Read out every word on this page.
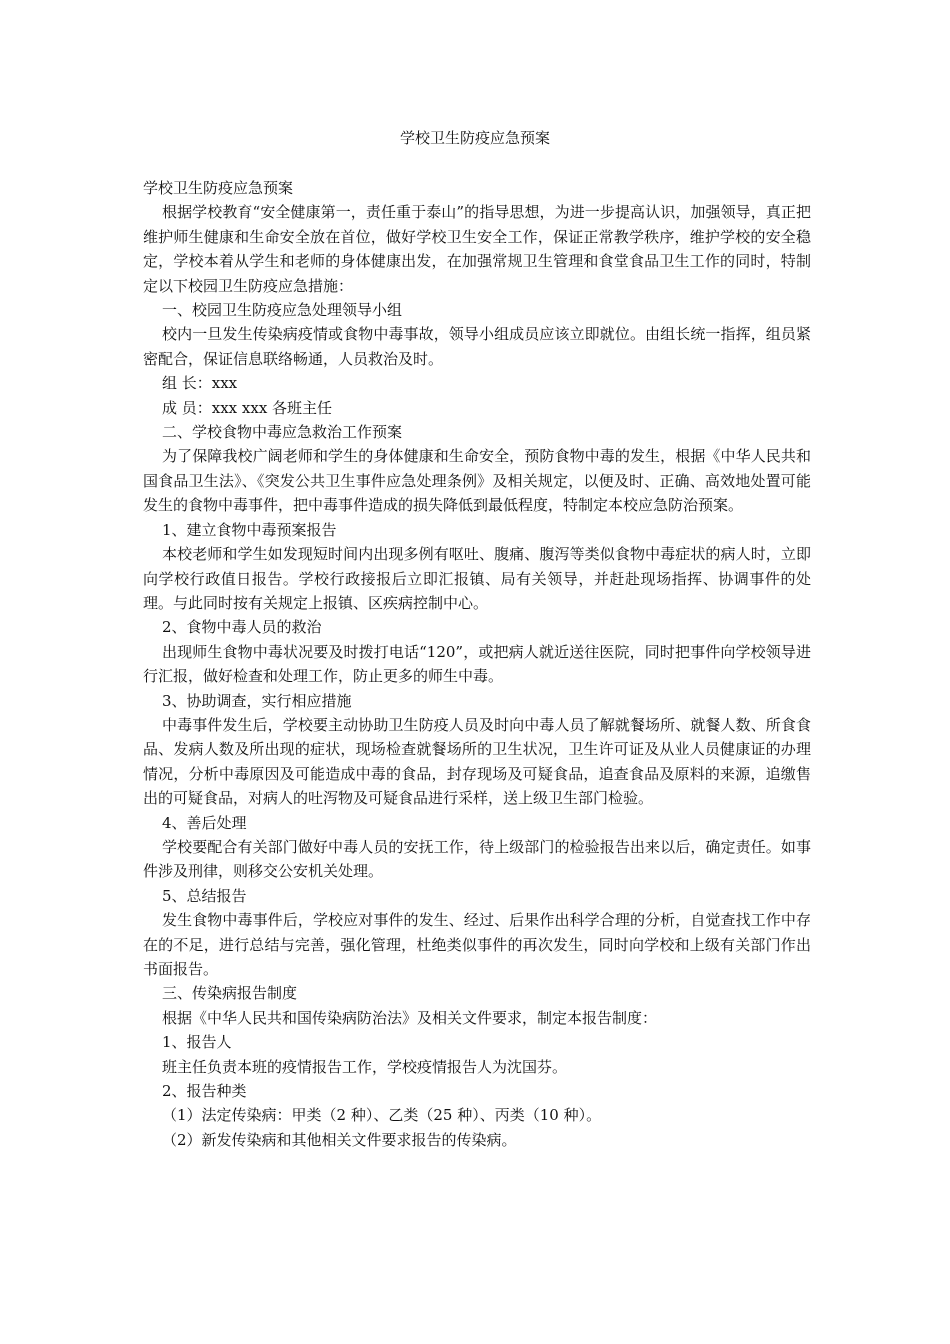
学校卫生防疫应急预案

学校卫生防疫应急预案

根据学校教育“安全健康第一，责任重于泰山”的指导思想，为进一步提高认识，加强领导，真正把维护师生健康和生命安全放在首位，做好学校卫生安全工作，保证正常教学秩序，维护学校的安全稳定，学校本着从学生和老师的身体健康出发，在加强常规卫生管理和食堂食品卫生工作的同时，特制定以下校园卫生防疫应急措施：

一、校园卫生防疫应急处理领导小组

校内一旦发生传染病疫情或食物中毒事故，领导小组成员应该立即就位。由组长统一指挥，组员紧密配合，保证信息联络畅通，人员救治及时。

组 长：xxx

成 员：xxx xxx 各班主任

二、学校食物中毒应急救治工作预案

为了保障我校广阔老师和学生的身体健康和生命安全，预防食物中毒的发生，根据《中华人民共和国食品卫生法》、《突发公共卫生事件应急处理条例》及相关规定，以便及时、正确、高效地处置可能发生的食物中毒事件，把中毒事件造成的损失降低到最低程度，特制定本校应急防治预案。

1、建立食物中毒预案报告

本校老师和学生如发现短时间内出现多例有呕吐、腹痛、腹泻等类似食物中毒症状的病人时，立即向学校行政值日报告。学校行政接报后立即汇报镇、局有关领导，并赶赴现场指挥、协调事件的处理。与此同时按有关规定上报镇、区疾病控制中心。

2、食物中毒人员的救治

出现师生食物中毒状况要及时拨打电话“120”，或把病人就近送往医院，同时把事件向学校领导进行汇报，做好检查和处理工作，防止更多的师生中毒。

3、协助调查，实行相应措施

中毒事件发生后，学校要主动协助卫生防疫人员及时向中毒人员了解就餐场所、就餐人数、所食食品、发病人数及所出现的症状，现场检查就餐场所的卫生状况，卫生许可证及从业人员健康证的办理情况，分析中毒原因及可能造成中毒的食品，封存现场及可疑食品，追查食品及原料的来源，追缴售出的可疑食品，对病人的吐泻物及可疑食品进行采样，送上级卫生部门检验。

4、善后处理

学校要配合有关部门做好中毒人员的安抚工作，待上级部门的检验报告出来以后，确定责任。如事件涉及刑律，则移交公安机关处理。

5、总结报告

发生食物中毒事件后，学校应对事件的发生、经过、后果作出科学合理的分析，自觉查找工作中存在的不足，进行总结与完善，强化管理，杜绝类似事件的再次发生，同时向学校和上级有关部门作出书面报告。

三、传染病报告制度

根据《中华人民共和国传染病防治法》及相关文件要求，制定本报告制度：

1、报告人

班主任负责本班的疫情报告工作，学校疫情报告人为沈国芬。

2、报告种类

（1）法定传染病：甲类（2 种）、乙类（25 种）、丙类（10 种）。

（2）新发传染病和其他相关文件要求报告的传染病。
